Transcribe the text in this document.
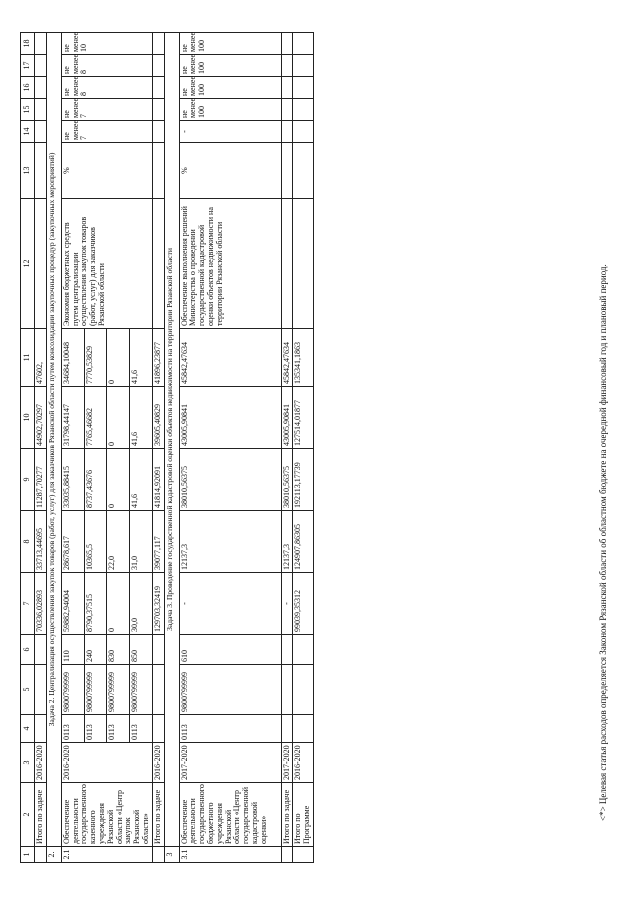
1	2	3	4	5	6	7	8	9	10	11	12	13	14	15	16	17	18
	Итого по задаче	2016-2020				70336,02893	33713,44695	11287,70277	44902,70297	47602,							
2.	Задача 2. Централизация осуществления закупок товаров (работ, услуг) для заказчиков Рязанской области путем консолидации закупочных процедур (закупочных мероприятий)																
2.1	Обеспечение деятельности государственного казенного учреждения Рязанской области «Центр закупок Рязанской области»	2016-2020	0113	9800799999	110	59882,94004	28678,617	33035,88415	31798,44147	34684,10048	Экономия бюджетных средств путем централизации осуществления закупок товаров (работ, услуг) для заказчиков Рязанской области	%	не менее 7	не менее 7	не менее 8	не менее 8	не менее 10
			0113	9800799999	240	8790,37515	10365,5	8737,43676	7765,46682	7770,53829							
			0113	9800799999	830	0	22,0	0	0	0							
			0113	9800799999	850	30,0	31,0	41,6	41,6	41,6							
	Итого по задаче	2016-2020				129703,32419	39077,117	41814,92091	39605,40829	41896,23877							
3	Задача 3. Проведение государственной кадастровой оценки объектов недвижимости на территории Рязанской области																
3.1	Обеспечение деятельности государственного бюджетного учреждения Рязанской области «Центр государственной кадастровой оценки»	2017-2020	0113	9800799999	610	-	12137,3	38010,56375	43005,90841	45842,47634	Обеспечение выполнения решений Министерства о проведении государственной кадастровой оценки объектов недвижимости на территории Рязанской области	%	-	не менее 100	не менее 100	не менее 100	не менее 100
	Итого по задаче	2017-2020				-	12137,3	38010,56375	43005,90841	45842,47634							
	Итого по Программе	2016-2020				99039,35312	124907,86305	192113,17739	127514,01877	135341,1863								<*> Целевая статья расходов определяется Законом Рязанской области об областном бюджете на очередной финансовый год и плановый период.
